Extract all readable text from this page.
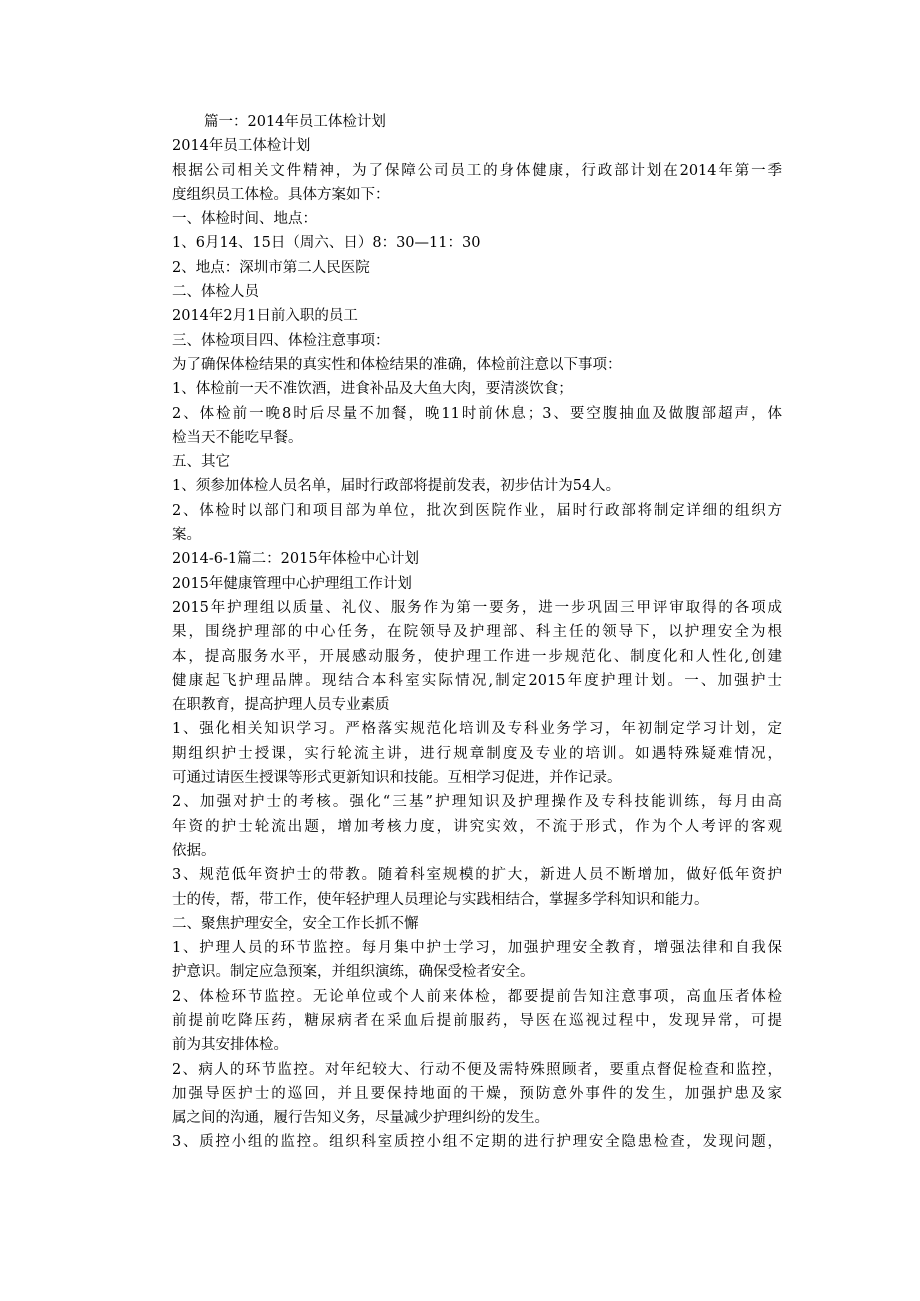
篇一：2014年员工体检计划
2014年员工体检计划
根据公司相关文件精神，为了保障公司员工的身体健康，行政部计划在2014年第一季
度组织员工体检。具体方案如下：
一、体检时间、地点：
1、6月14、15日（周六、日）8：30—11：30
2、地点：深圳市第二人民医院
二、体检人员
2014年2月1日前入职的员工
三、体检项目四、体检注意事项：
为了确保体检结果的真实性和体检结果的准确，体检前注意以下事项：
1、体检前一天不准饮酒，进食补品及大鱼大肉，要清淡饮食；
2、体检前一晚8时后尽量不加餐，晚11时前休息；3、要空腹抽血及做腹部超声，体
检当天不能吃早餐。
五、其它
1、须参加体检人员名单，届时行政部将提前发表，初步估计为54人。
2、体检时以部门和项目部为单位，批次到医院作业，届时行政部将制定详细的组织方
案。
2014-6-1篇二：2015年体检中心计划
2015年健康管理中心护理组工作计划
2015年护理组以质量、礼仪、服务作为第一要务，进一步巩固三甲评审取得的各项成
果，围绕护理部的中心任务，在院领导及护理部、科主任的领导下，以护理安全为根
本，提高服务水平，开展感动服务，使护理工作进一步规范化、制度化和人性化,创建
健康起飞护理品牌。现结合本科室实际情况,制定2015年度护理计划。一、加强护士
在职教育，提高护理人员专业素质
1、强化相关知识学习。严格落实规范化培训及专科业务学习，年初制定学习计划，定
期组织护士授课，实行轮流主讲，进行规章制度及专业的培训。如遇特殊疑难情况，
可通过请医生授课等形式更新知识和技能。互相学习促进，并作记录。
2、加强对护士的考核。强化“三基”护理知识及护理操作及专科技能训练，每月由高
年资的护士轮流出题，增加考核力度，讲究实效，不流于形式，作为个人考评的客观
依据。
3、规范低年资护士的带教。随着科室规模的扩大，新进人员不断增加，做好低年资护
士的传，帮，带工作，使年轻护理人员理论与实践相结合，掌握多学科知识和能力。
二、聚焦护理安全，安全工作长抓不懈
1、护理人员的环节监控。每月集中护士学习，加强护理安全教育，增强法律和自我保
护意识。制定应急预案，并组织演练，确保受检者安全。
2、体检环节监控。无论单位或个人前来体检，都要提前告知注意事项，高血压者体检
前提前吃降压药，糖尿病者在采血后提前服药，导医在巡视过程中，发现异常，可提
前为其安排体检。
2、病人的环节监控。对年纪较大、行动不便及需特殊照顾者，要重点督促检查和监控，
加强导医护士的巡回，并且要保持地面的干燥，预防意外事件的发生，加强护患及家
属之间的沟通，履行告知义务，尽量减少护理纠纷的发生。
3、质控小组的监控。组织科室质控小组不定期的进行护理安全隐患检查，发现问题，
